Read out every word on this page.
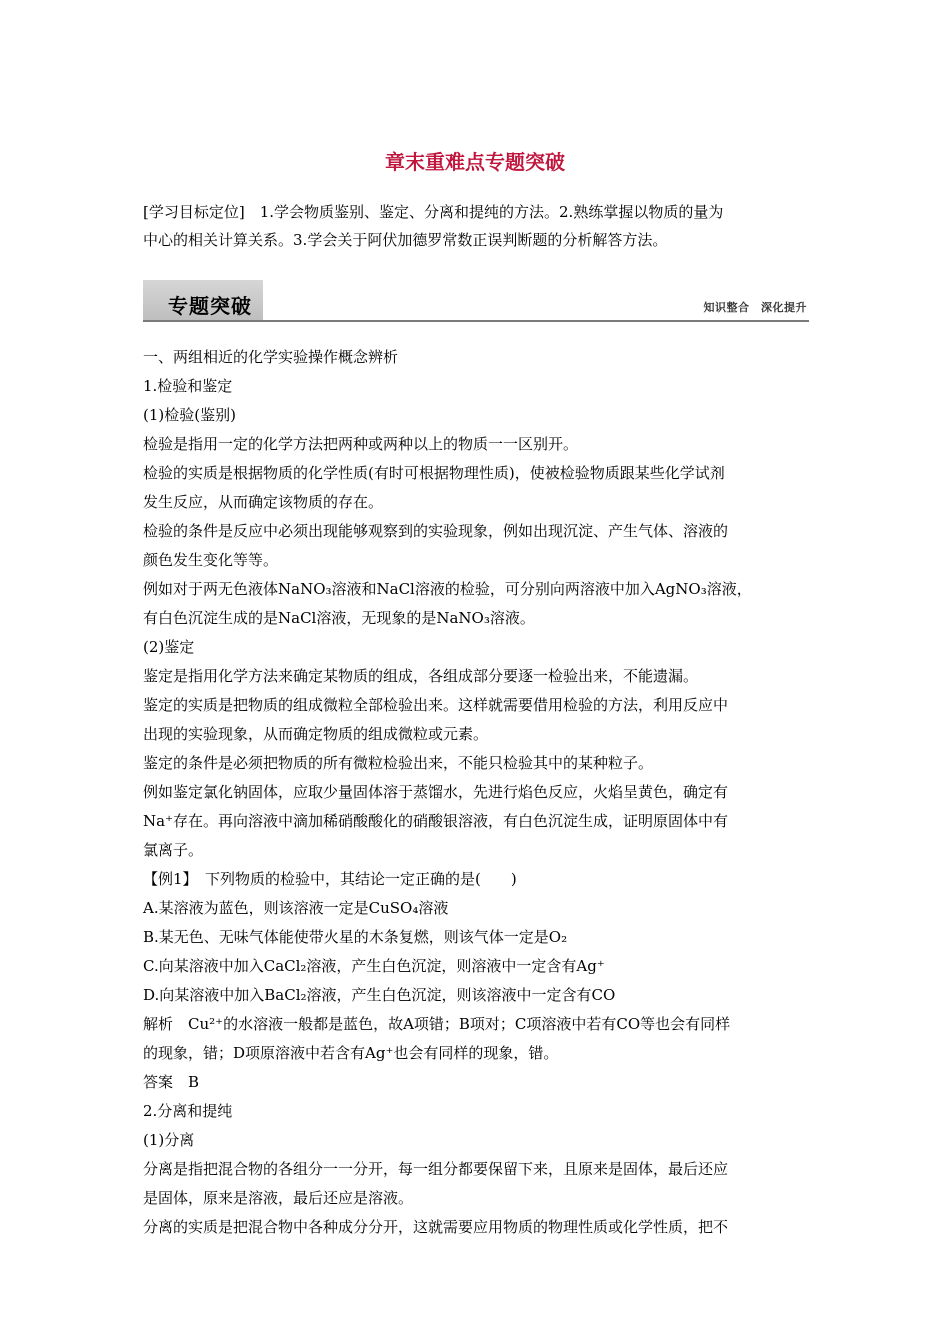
章末重难点专题突破
[学习目标定位]　1.学会物质鉴别、鉴定、分离和提纯的方法。2.熟练掌握以物质的量为
中心的相关计算关系。3.学会关于阿伏加德罗常数正误判断题的分析解答方法。
专题突破	知识整合　深化提升
一、两组相近的化学实验操作概念辨析
1.检验和鉴定
(1)检验(鉴别)
检验是指用一定的化学方法把两种或两种以上的物质一一区别开。
检验的实质是根据物质的化学性质(有时可根据物理性质)，使被检验物质跟某些化学试剂
发生反应，从而确定该物质的存在。
检验的条件是反应中必须出现能够观察到的实验现象，例如出现沉淀、产生气体、溶液的
颜色发生变化等等。
例如对于两无色液体NaNO₃溶液和NaCl溶液的检验，可分别向两溶液中加入AgNO₃溶液，
有白色沉淀生成的是NaCl溶液，无现象的是NaNO₃溶液。
(2)鉴定
鉴定是指用化学方法来确定某物质的组成，各组成部分要逐一检验出来，不能遗漏。
鉴定的实质是把物质的组成微粒全部检验出来。这样就需要借用检验的方法，利用反应中
出现的实验现象，从而确定物质的组成微粒或元素。
鉴定的条件是必须把物质的所有微粒检验出来，不能只检验其中的某种粒子。
例如鉴定氯化钠固体，应取少量固体溶于蒸馏水，先进行焰色反应，火焰呈黄色，确定有
Na⁺存在。再向溶液中滴加稀硝酸酸化的硝酸银溶液，有白色沉淀生成，证明原固体中有
氯离子。
【例1】　下列物质的检验中，其结论一定正确的是(　　)
A.某溶液为蓝色，则该溶液一定是CuSO₄溶液
B.某无色、无味气体能使带火星的木条复燃，则该气体一定是O₂
C.向某溶液中加入CaCl₂溶液，产生白色沉淀，则溶液中一定含有Ag⁺
D.向某溶液中加入BaCl₂溶液，产生白色沉淀，则该溶液中一定含有CO
解析　Cu²⁺的水溶液一般都是蓝色，故A项错；B项对；C项溶液中若有CO等也会有同样
的现象，错；D项原溶液中若含有Ag⁺也会有同样的现象，错。
答案　B
2.分离和提纯
(1)分离
分离是指把混合物的各组分一一分开，每一组分都要保留下来，且原来是固体，最后还应
是固体，原来是溶液，最后还应是溶液。
分离的实质是把混合物中各种成分分开，这就需要应用物质的物理性质或化学性质，把不
